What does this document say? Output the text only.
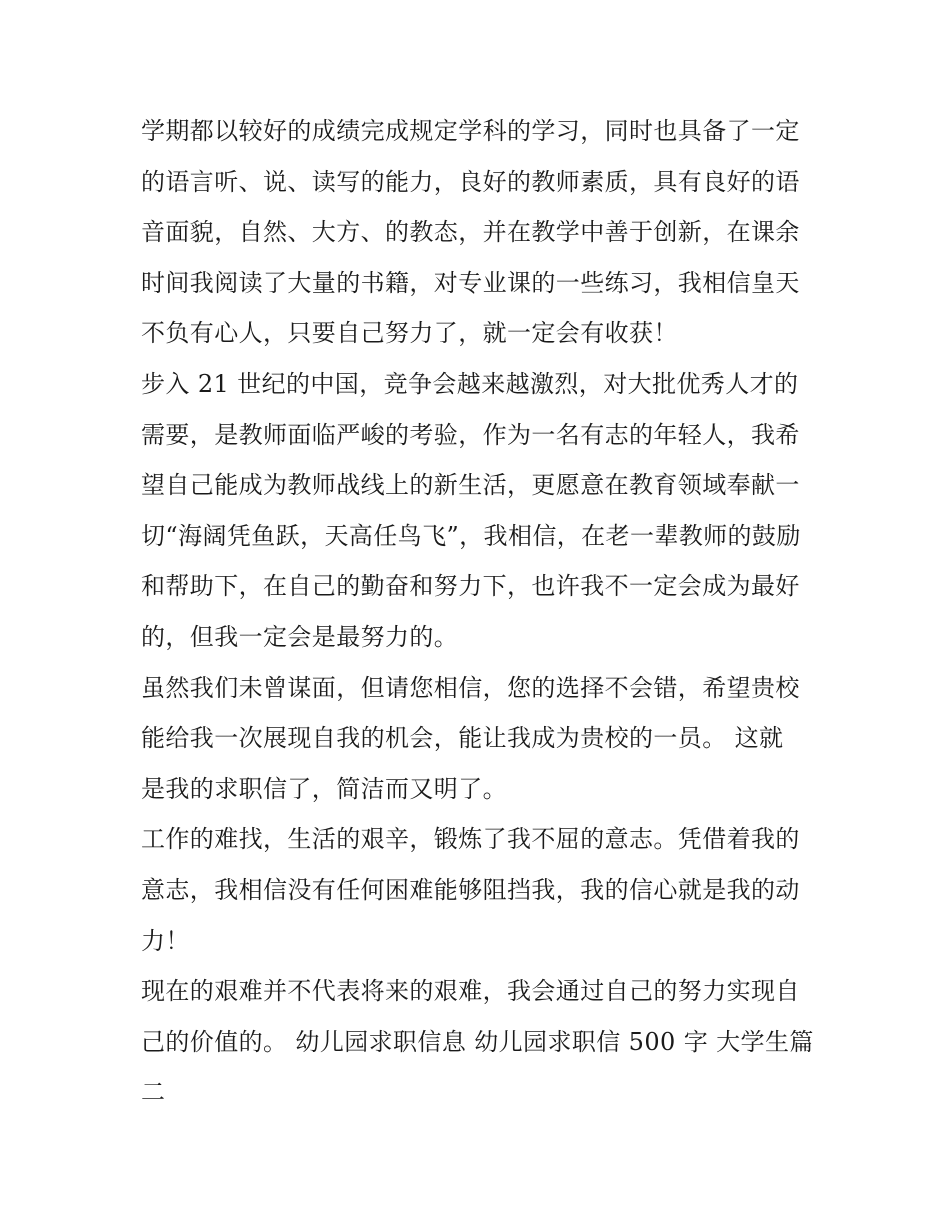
学期都以较好的成绩完成规定学科的学习，同时也具备了一定
的语言听、说、读写的能力，良好的教师素质，具有良好的语
音面貌，自然、大方、的教态，并在教学中善于创新，在课余
时间我阅读了大量的书籍，对专业课的一些练习，我相信皇天
不负有心人，只要自己努力了，就一定会有收获！
步入 21 世纪的中国，竞争会越来越激烈，对大批优秀人才的
需要，是教师面临严峻的考验，作为一名有志的年轻人，我希
望自己能成为教师战线上的新生活，更愿意在教育领域奉献一
切“海阔凭鱼跃，天高任鸟飞”，我相信，在老一辈教师的鼓励
和帮助下，在自己的勤奋和努力下，也许我不一定会成为最好
的，但我一定会是最努力的。
虽然我们未曾谋面，但请您相信，您的选择不会错，希望贵校
能给我一次展现自我的机会，能让我成为贵校的一员。 这就
是我的求职信了，简洁而又明了。
工作的难找，生活的艰辛，锻炼了我不屈的意志。凭借着我的
意志，我相信没有任何困难能够阻挡我，我的信心就是我的动
力！
现在的艰难并不代表将来的艰难，我会通过自己的努力实现自
己的价值的。 幼儿园求职信息 幼儿园求职信 500 字 大学生篇
二
